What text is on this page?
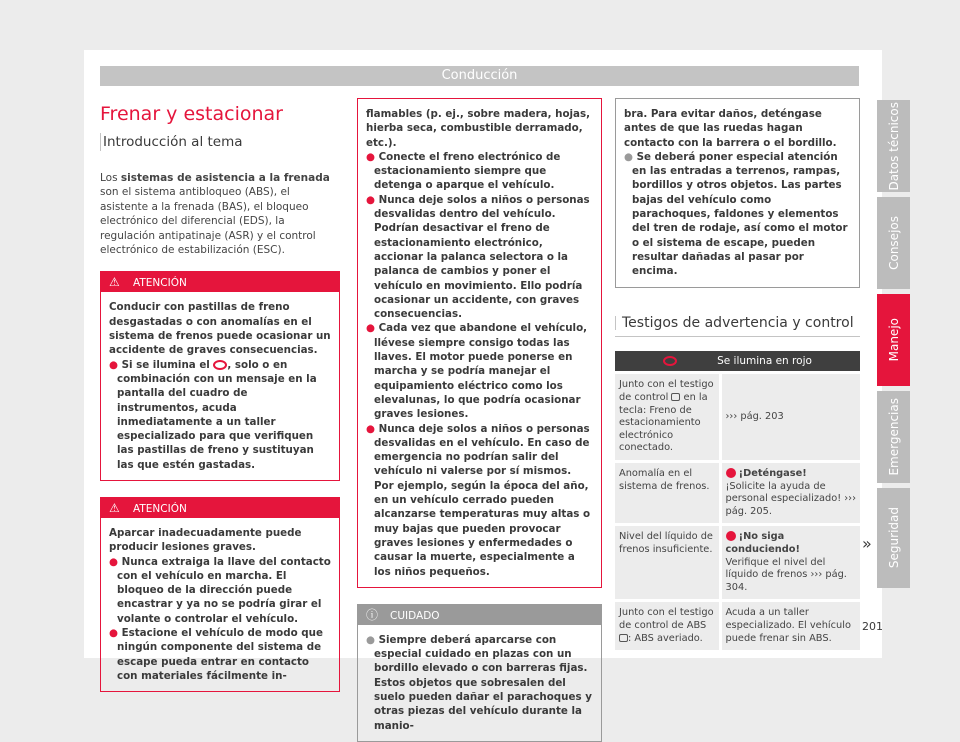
Conducción
Frenar y estacionar
Introducción al tema

Los sistemas de asistencia a la frenada son el sistema antibloqueo (ABS), el asistente a la frenada (BAS), el bloqueo electrónico del diferencial (EDS), la regulación antipatinaje (ASR) y el control electrónico de estabilización (ESC).

⚠ ATENCIÓN
Conducir con pastillas de freno desgastadas o con anomalías en el sistema de frenos puede ocasionar un accidente de graves consecuencias.
● Si se ilumina el , solo o en combinación con un mensaje en la pantalla del cuadro de instrumentos, acuda inmediatamente a un taller especializado para que verifiquen las pastillas de freno y sustituyan las que estén gastadas.
⚠ ATENCIÓN
Aparcar inadecuadamente puede producir lesiones graves.
● Nunca extraiga la llave del contacto con el vehículo en marcha. El bloqueo de la dirección puede encastrar y ya no se podría girar el volante o controlar el vehículo.
● Estacione el vehículo de modo que ningún componente del sistema de escape pueda entrar en contacto con materiales fácilmente in-
flamables (p. ej., sobre madera, hojas, hierba seca, combustible derramado, etc.).
● Conecte el freno electrónico de estacionamiento siempre que detenga o aparque el vehículo.
● Nunca deje solos a niños o personas desvalidas dentro del vehículo. Podrían desactivar el freno de estacionamiento electrónico, accionar la palanca selectora o la palanca de cambios y poner el vehículo en movimiento. Ello podría ocasionar un accidente, con graves consecuencias.
● Cada vez que abandone el vehículo, llévese siempre consigo todas las llaves. El motor puede ponerse en marcha y se podría manejar el equipamiento eléctrico como los elevalunas, lo que podría ocasionar graves lesiones.
● Nunca deje solos a niños o personas desvalidas en el vehículo. En caso de emergencia no podrían salir del vehículo ni valerse por sí mismos. Por ejemplo, según la época del año, en un vehículo cerrado pueden alcanzarse temperaturas muy altas o muy bajas que pueden provocar graves lesiones y enfermedades o causar la muerte, especialmente a los niños pequeños.
ⓘ CUIDADO
● Siempre deberá aparcarse con especial cuidado en plazas con un bordillo elevado o con barreras fijas. Estos objetos que sobresalen del suelo pueden dañar el parachoques y otras piezas del vehículo durante la manio-
bra. Para evitar daños, deténgase antes de que las ruedas hagan contacto con la barrera o el bordillo.
● Se deberá poner especial atención en las entradas a terrenos, rampas, bordillos y otros objetos. Las partes bajas del vehículo como parachoques, faldones y elementos del tren de rodaje, así como el motor o el sistema de escape, pueden resultar dañadas al pasar por encima.
Testigos de advertencia y control
Se ilumina en rojo	
Junto con el testigo de control  en la tecla: Freno de estacionamiento electrónico conectado.	››› pág. 203
Anomalía en el sistema de frenos.	¡Deténgase!
¡Solicite la ayuda de personal especializado! ››› pág. 205.
Nivel del líquido de frenos insuficiente.	¡No siga conduciendo!
Verifique el nivel del líquido de frenos ››› pág. 304.
Junto con el testigo de control de ABS : ABS averiado.	Acuda a un taller especializado. El vehículo puede frenar sin ABS.
»
Datos técnicos
Consejos
Manejo
Emergencias
Seguridad
201
